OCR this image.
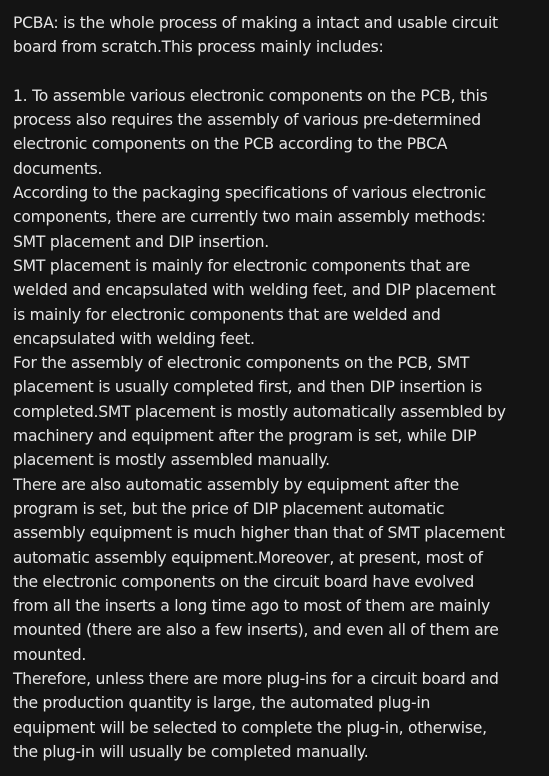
PCBA: is the whole process of making a intact and usable circuit
board from scratch.This process mainly includes:
1. To assemble various electronic components on the PCB, this
process also requires the assembly of various pre-determined
electronic components on the PCB according to the PBCA
documents.
According to the packaging specifications of various electronic
components, there are currently two main assembly methods:
SMT placement and DIP insertion.
SMT placement is mainly for electronic components that are
welded and encapsulated with welding feet, and DIP placement
is mainly for electronic components that are welded and
encapsulated with welding feet.
For the assembly of electronic components on the PCB, SMT
placement is usually completed first, and then DIP insertion is
completed.SMT placement is mostly automatically assembled by
machinery and equipment after the program is set, while DIP
placement is mostly assembled manually.
There are also automatic assembly by equipment after the
program is set, but the price of DIP placement automatic
assembly equipment is much higher than that of SMT placement
automatic assembly equipment.Moreover, at present, most of
the electronic components on the circuit board have evolved
from all the inserts a long time ago to most of them are mainly
mounted (there are also a few inserts), and even all of them are
mounted.
Therefore, unless there are more plug-ins for a circuit board and
the production quantity is large, the automated plug-in
equipment will be selected to complete the plug-in, otherwise,
the plug-in will usually be completed manually.
